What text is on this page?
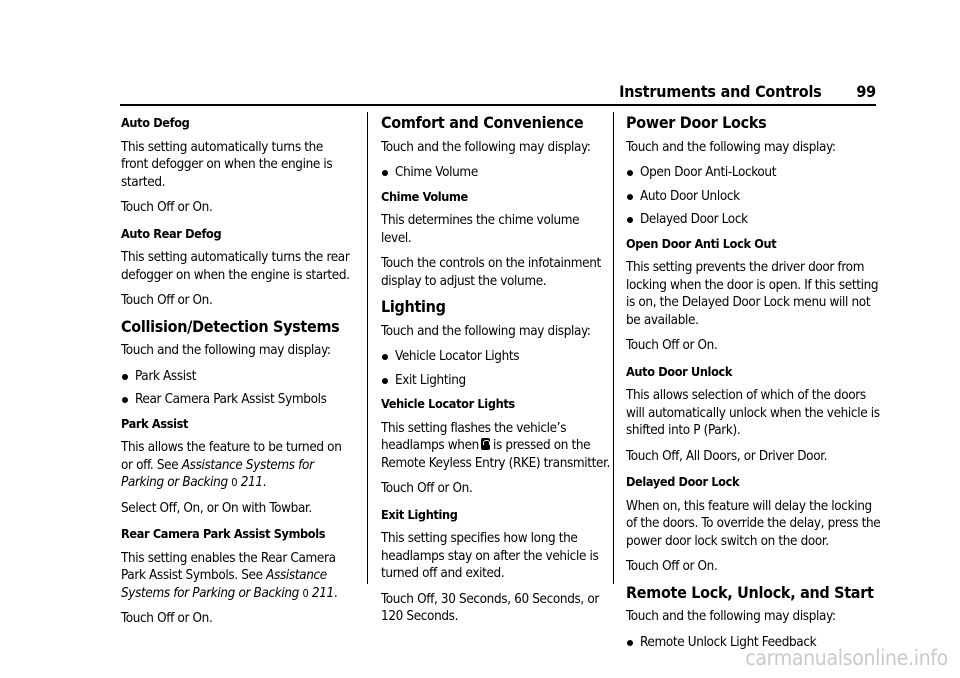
Instruments and Controls 99

Auto Defog

This setting automatically turns the front defogger on when the engine is started.

Touch Off or On.

Auto Rear Defog

This setting automatically turns the rear defogger on when the engine is started.

Touch Off or On.

Collision/Detection Systems

Touch and the following may display:

Park Assist
Rear Camera Park Assist Symbols

Park Assist

This allows the feature to be turned on or off. See Assistance Systems for Parking or Backing 0 211.

Select Off, On, or On with Towbar.

Rear Camera Park Assist Symbols

This setting enables the Rear Camera Park Assist Symbols. See Assistance Systems for Parking or Backing 0 211.

Touch Off or On.

Comfort and Convenience

Touch and the following may display:

Chime Volume

Chime Volume

This determines the chime volume level.

Touch the controls on the infotainment display to adjust the volume.

Lighting

Touch and the following may display:

Vehicle Locator Lights
Exit Lighting

Vehicle Locator Lights

This setting flashes the vehicle’s headlamps when is pressed on the Remote Keyless Entry (RKE) transmitter.

Touch Off or On.

Exit Lighting

This setting specifies how long the headlamps stay on after the vehicle is turned off and exited.

Touch Off, 30 Seconds, 60 Seconds, or 120 Seconds.

Power Door Locks

Touch and the following may display:

Open Door Anti-Lockout
Auto Door Unlock
Delayed Door Lock

Open Door Anti Lock Out

This setting prevents the driver door from locking when the door is open. If this setting is on, the Delayed Door Lock menu will not be available.

Touch Off or On.

Auto Door Unlock

This allows selection of which of the doors will automatically unlock when the vehicle is shifted into P (Park).

Touch Off, All Doors, or Driver Door.

Delayed Door Lock

When on, this feature will delay the locking of the doors. To override the delay, press the power door lock switch on the door.

Touch Off or On.

Remote Lock, Unlock, and Start

Touch and the following may display:

Remote Unlock Light Feedback
carmanualsonline.info
